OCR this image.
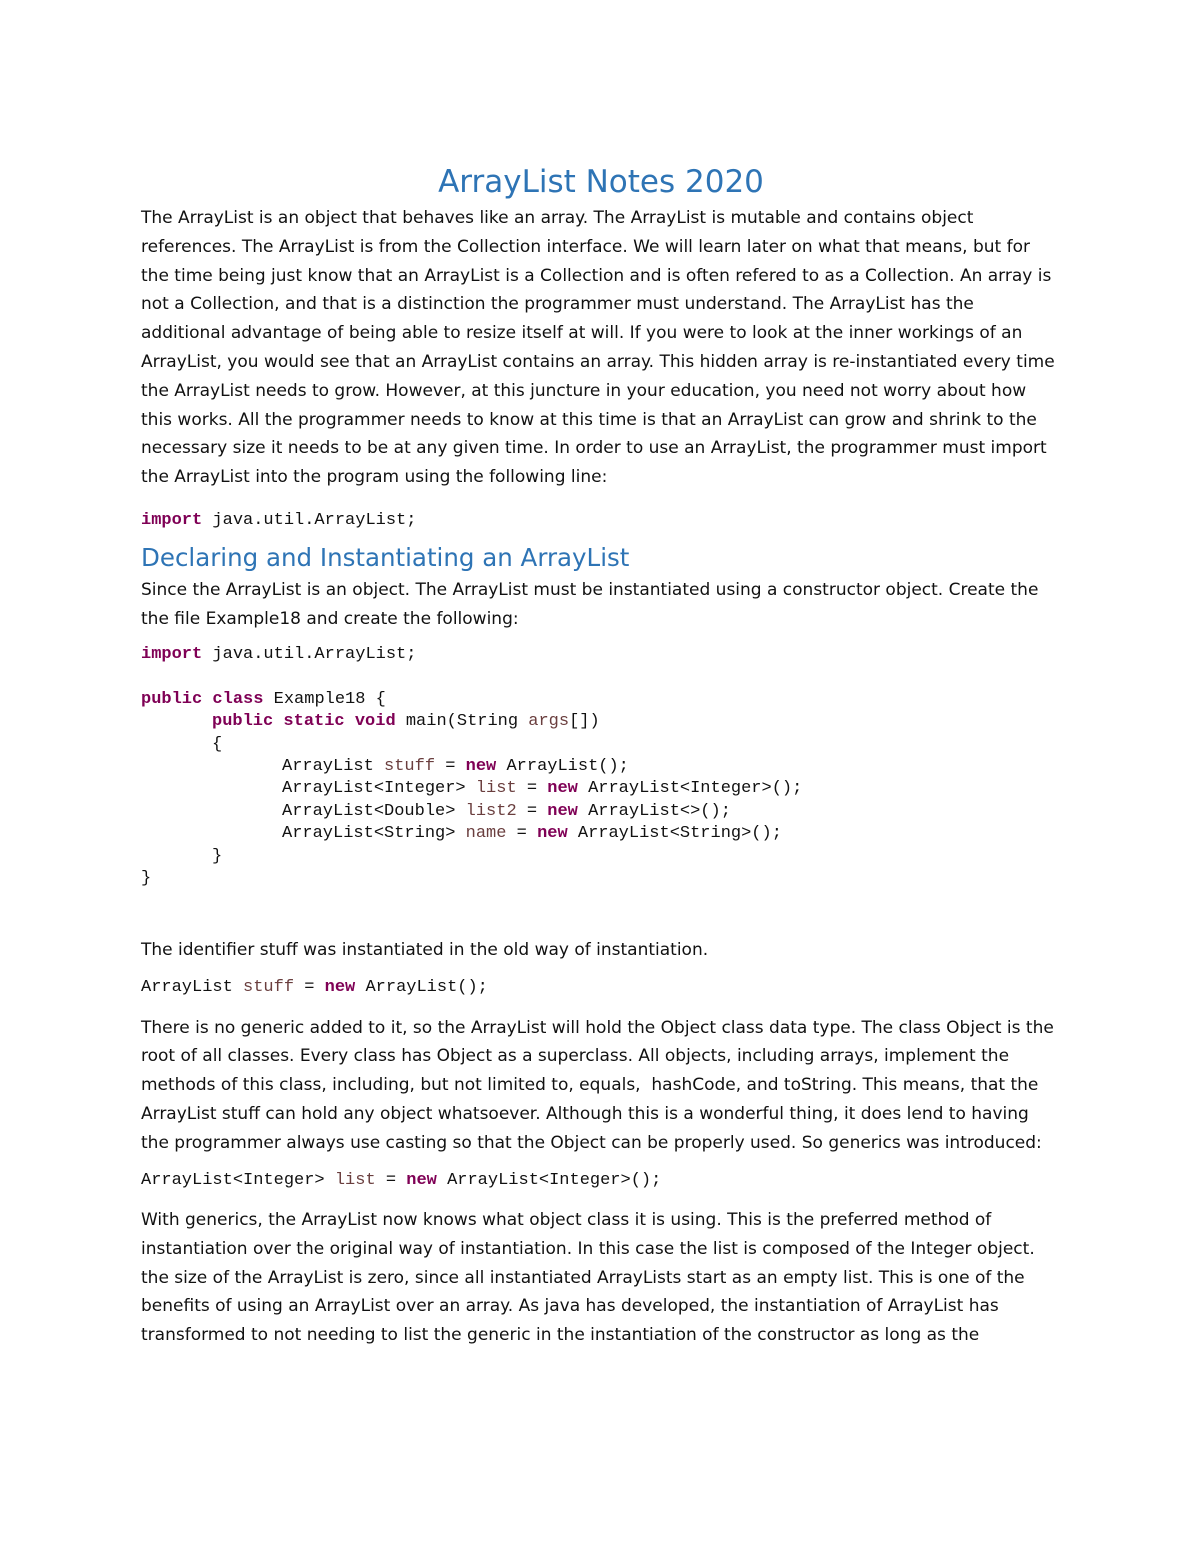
ArrayList Notes 2020

The ArrayList is an object that behaves like an array. The ArrayList is mutable and contains object references. The ArrayList is from the Collection interface. We will learn later on what that means, but for the time being just know that an ArrayList is a Collection and is often refered to as a Collection. An array is not a Collection, and that is a distinction the programmer must understand. The ArrayList has the additional advantage of being able to resize itself at will. If you were to look at the inner workings of an ArrayList, you would see that an ArrayList contains an array. This hidden array is re-instantiated every time the ArrayList needs to grow. However, at this juncture in your education, you need not worry about how this works. All the programmer needs to know at this time is that an ArrayList can grow and shrink to the necessary size it needs to be at any given time. In order to use an ArrayList, the programmer must import the ArrayList into the program using the following line:

import java.util.ArrayList;
Declaring and Instantiating an ArrayList

Since the ArrayList is an object. The ArrayList must be instantiated using a constructor object. Create the the file Example18 and create the following:

import java.util.ArrayList;
public class Example18 {
public static void main(String args[])
{
ArrayList stuff = new ArrayList();
ArrayList<Integer> list = new ArrayList<Integer>();
ArrayList<Double> list2 = new ArrayList<>();
ArrayList<String> name = new ArrayList<String>();
}
}

The identifier stuff was instantiated in the old way of instantiation.

ArrayList stuff = new ArrayList();

There is no generic added to it, so the ArrayList will hold the Object class data type. The class Object is the root of all classes. Every class has Object as a superclass. All objects, including arrays, implement the methods of this class, including, but not limited to, equals,  hashCode, and toString. This means, that the ArrayList stuff can hold any object whatsoever. Although this is a wonderful thing, it does lend to having the programmer always use casting so that the Object can be properly used. So generics was introduced:

ArrayList<Integer> list = new ArrayList<Integer>();

With generics, the ArrayList now knows what object class it is using. This is the preferred method of instantiation over the original way of instantiation. In this case the list is composed of the Integer object. the size of the ArrayList is zero, since all instantiated ArrayLists start as an empty list. This is one of the benefits of using an ArrayList over an array. As java has developed, the instantiation of ArrayList has transformed to not needing to list the generic in the instantiation of the constructor as long as the
